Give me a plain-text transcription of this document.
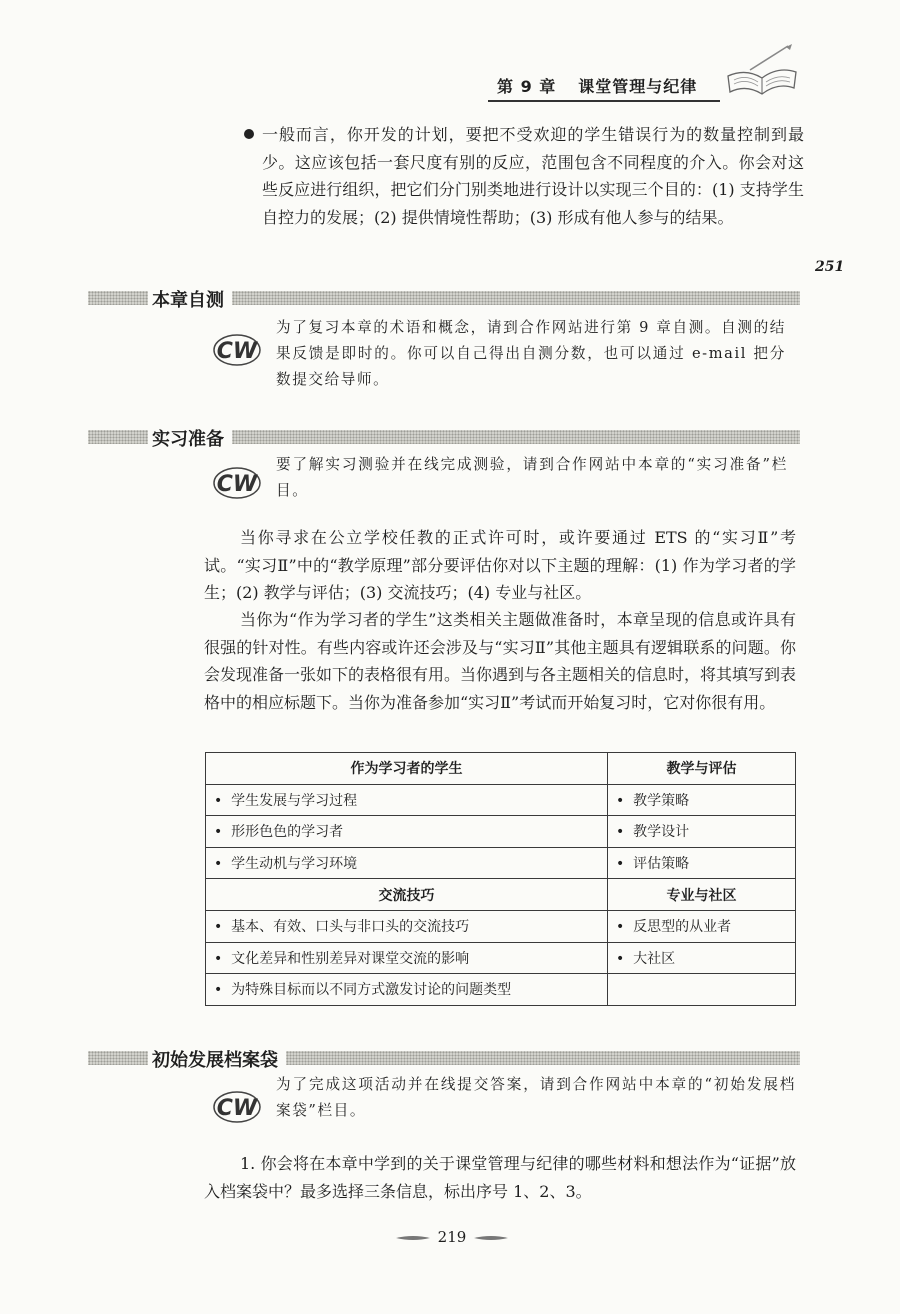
第 9 章 课堂管理与纪律
一般而言，你开发的计划，要把不受欢迎的学生错误行为的数量控制到最少。这应该包括一套尺度有别的反应，范围包含不同程度的介入。你会对这些反应进行组织，把它们分门别类地进行设计以实现三个目的：(1) 支持学生自控力的发展；(2) 提供情境性帮助；(3) 形成有他人参与的结果。
251
本章自测
CW
为了复习本章的术语和概念，请到合作网站进行第 9 章自测。自测的结果反馈是即时的。你可以自己得出自测分数，也可以通过 e-mail 把分数提交给导师。
实习准备
CW
要了解实习测验并在线完成测验，请到合作网站中本章的“实习准备”栏目。
当你寻求在公立学校任教的正式许可时，或许要通过 ETS 的“实习Ⅱ”考试。“实习Ⅱ”中的“教学原理”部分要评估你对以下主题的理解：(1) 作为学习者的学生；(2) 教学与评估；(3) 交流技巧；(4) 专业与社区。
当你为“作为学习者的学生”这类相关主题做准备时，本章呈现的信息或许具有很强的针对性。有些内容或许还会涉及与“实习Ⅱ”其他主题具有逻辑联系的问题。你会发现准备一张如下的表格很有用。当你遇到与各主题相关的信息时，将其填写到表格中的相应标题下。当你为准备参加“实习Ⅱ”考试而开始复习时，它对你很有用。
作为学习者的学生	教学与评估
•  学生发展与学习过程	•  教学策略
•  形形色色的学习者	•  教学设计
•  学生动机与学习环境	•  评估策略
交流技巧	专业与社区
•  基本、有效、口头与非口头的交流技巧	•  反思型的从业者
•  文化差异和性别差异对课堂交流的影响	•  大社区
•  为特殊目标而以不同方式激发讨论的问题类型	
初始发展档案袋
CW
为了完成这项活动并在线提交答案，请到合作网站中本章的“初始发展档案袋”栏目。
1. 你会将在本章中学到的关于课堂管理与纪律的哪些材料和想法作为“证据”放入档案袋中？最多选择三条信息，标出序号 1、2、3。
219
